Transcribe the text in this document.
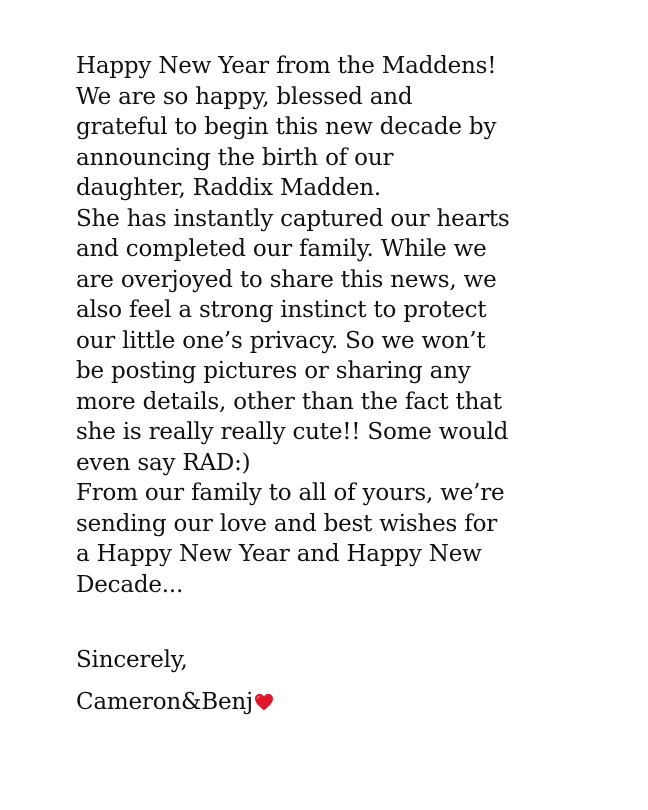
Happy New Year from the Maddens!
We are so happy, blessed and
grateful to begin this new decade by
announcing the birth of our
daughter, Raddix Madden.
She has instantly captured our hearts
and completed our family. While we
are overjoyed to share this news, we
also feel a strong instinct to protect
our little one’s privacy. So we won’t
be posting pictures or sharing any
more details, other than the fact that
she is really really cute!! Some would
even say RAD:)
From our family to all of yours, we’re
sending our love and best wishes for
a Happy New Year and Happy New
Decade...
Sincerely,
Cameron&Benj
